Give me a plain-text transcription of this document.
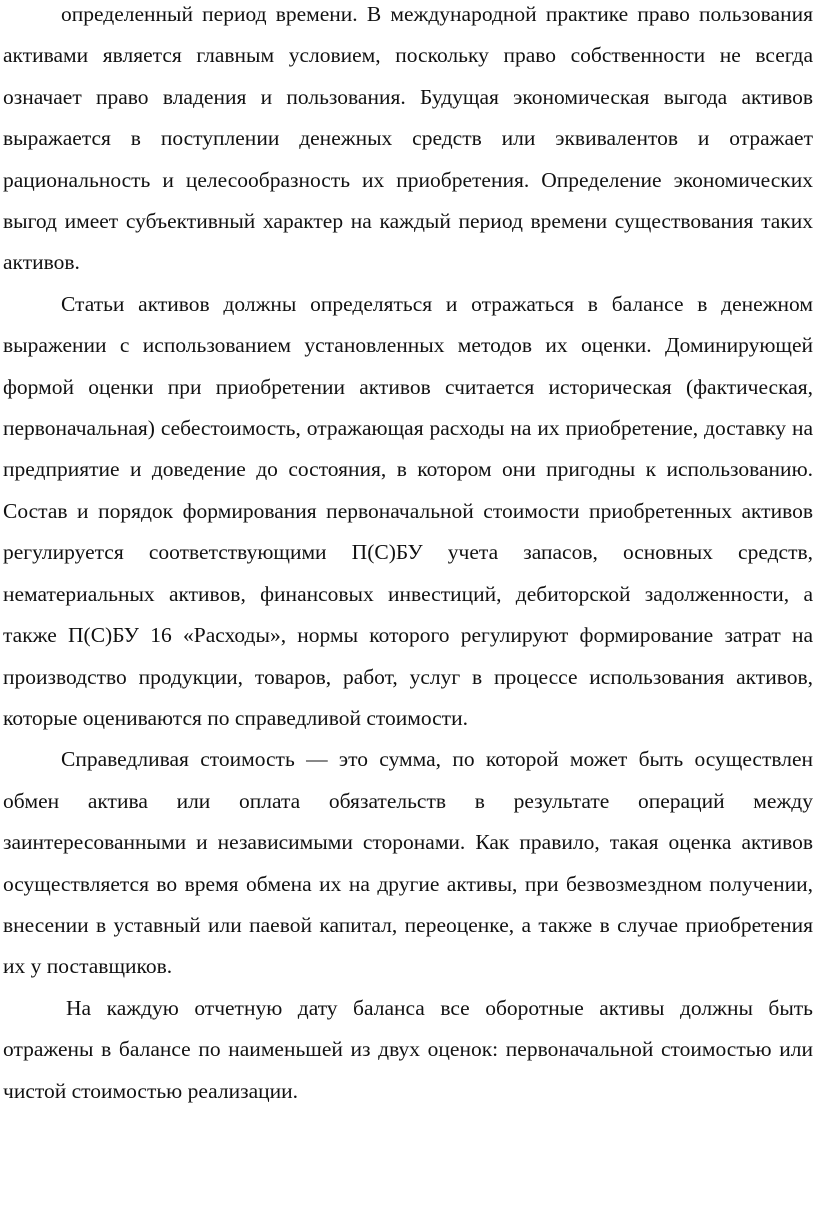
определенный период времени. В международной практике право пользования активами является главным условием, поскольку право собственности не всегда означает право владения и пользования. Будущая экономическая выгода активов выражается в поступлении денежных средств или эквивалентов и отражает рациональность и целесообразность их приобретения. Определение экономических выгод имеет субъективный характер на каждый период времени существования таких активов.

Статьи активов должны определяться и отражаться в балансе в денежном выражении с использованием установленных методов их оценки. Доминирующей формой оценки при приобретении активов считается историческая (фактическая, первоначальная) себестоимость, отражающая расходы на их приобретение, доставку на предприятие и доведение до состояния, в котором они пригодны к использованию. Состав и порядок формирования первоначальной стоимости приобретенных активов регулируется соответствующими П(С)БУ учета запасов, основных средств, нематериальных активов, финансовых инвестиций, дебиторской задолженности, а также П(С)БУ 16 «Расходы», нормы которого регулируют формирование затрат на производство продукции, товаров, работ, услуг в процессе использования активов, которые оцениваются по справедливой стоимости.

Справедливая стоимость — это сумма, по которой может быть осуществлен обмен актива или оплата обязательств в результате операций между заинтересованными и независимыми сторонами. Как правило, такая оценка активов осуществляется во время обмена их на другие активы, при безвозмездном получении, внесении в уставный или паевой капитал, переоценке, а также в случае приобретения их у поставщиков.

На каждую отчетную дату баланса все оборотные активы должны быть отражены в балансе по наименьшей из двух оценок: первоначальной стоимостью или чистой стоимостью реализации.
